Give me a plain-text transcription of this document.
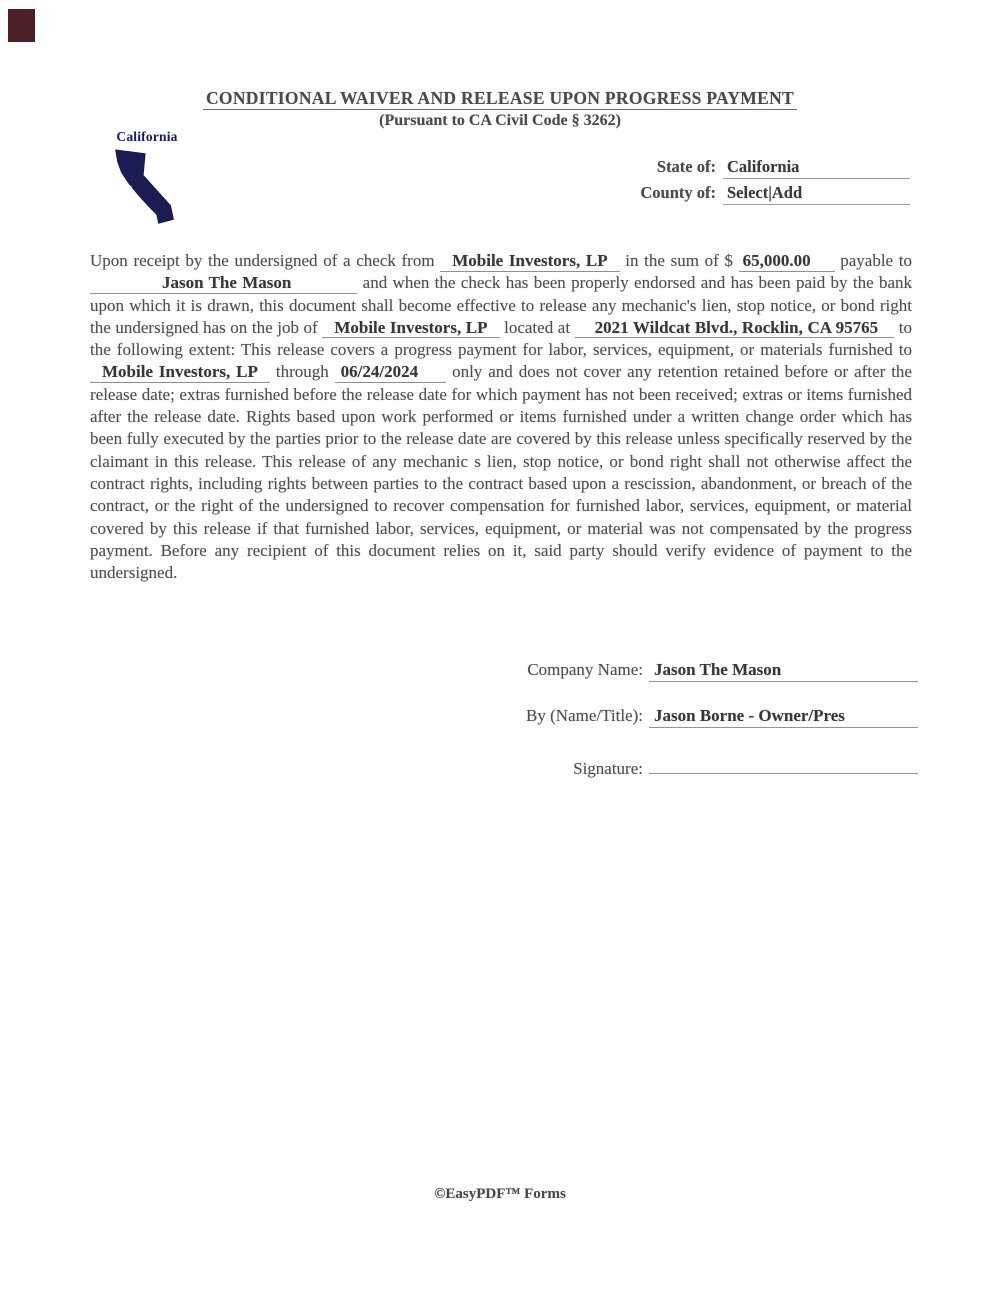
CONDITIONAL WAIVER AND RELEASE UPON PROGRESS PAYMENT
(Pursuant to CA Civil Code § 3262)
California
State of: California
County of: Select|Add
Upon receipt by the undersigned of a check from Mobile Investors, LP in the sum of $ 65,000.00 payable to Jason The Mason	and when the check has been properly endorsed and has been paid by the bank upon which it is drawn, this document shall become effective to release any mechanic's lien, stop notice, or bond right the undersigned has on the job of Mobile Investors, LP located at 2021 Wildcat Blvd., Rocklin, CA 95765 to the following extent: This release covers a progress payment for labor, services, equipment, or materials furnished to Mobile Investors, LP through 06/24/2024 only and does not cover any retention retained before or after the release date; extras furnished before the release date for which payment has not been received; extras or items furnished after the release date. Rights based upon work performed or items furnished under a written change order which has been fully executed by the parties prior to the release date are covered by this release unless specifically reserved by the claimant in this release. This release of any mechanic s lien, stop notice, or bond right shall not otherwise affect the contract rights, including rights between parties to the contract based upon a rescission, abandonment, or breach of the contract, or the right of the undersigned to recover compensation for furnished labor, services, equipment, or material covered by this release if that furnished labor, services, equipment, or material was not compensated by the progress payment. Before any recipient of this document relies on it, said party should verify evidence of payment to the undersigned.
Company Name: Jason The Mason
By (Name/Title): Jason Borne - Owner/Pres
Signature:
©EasyPDF™ Forms
